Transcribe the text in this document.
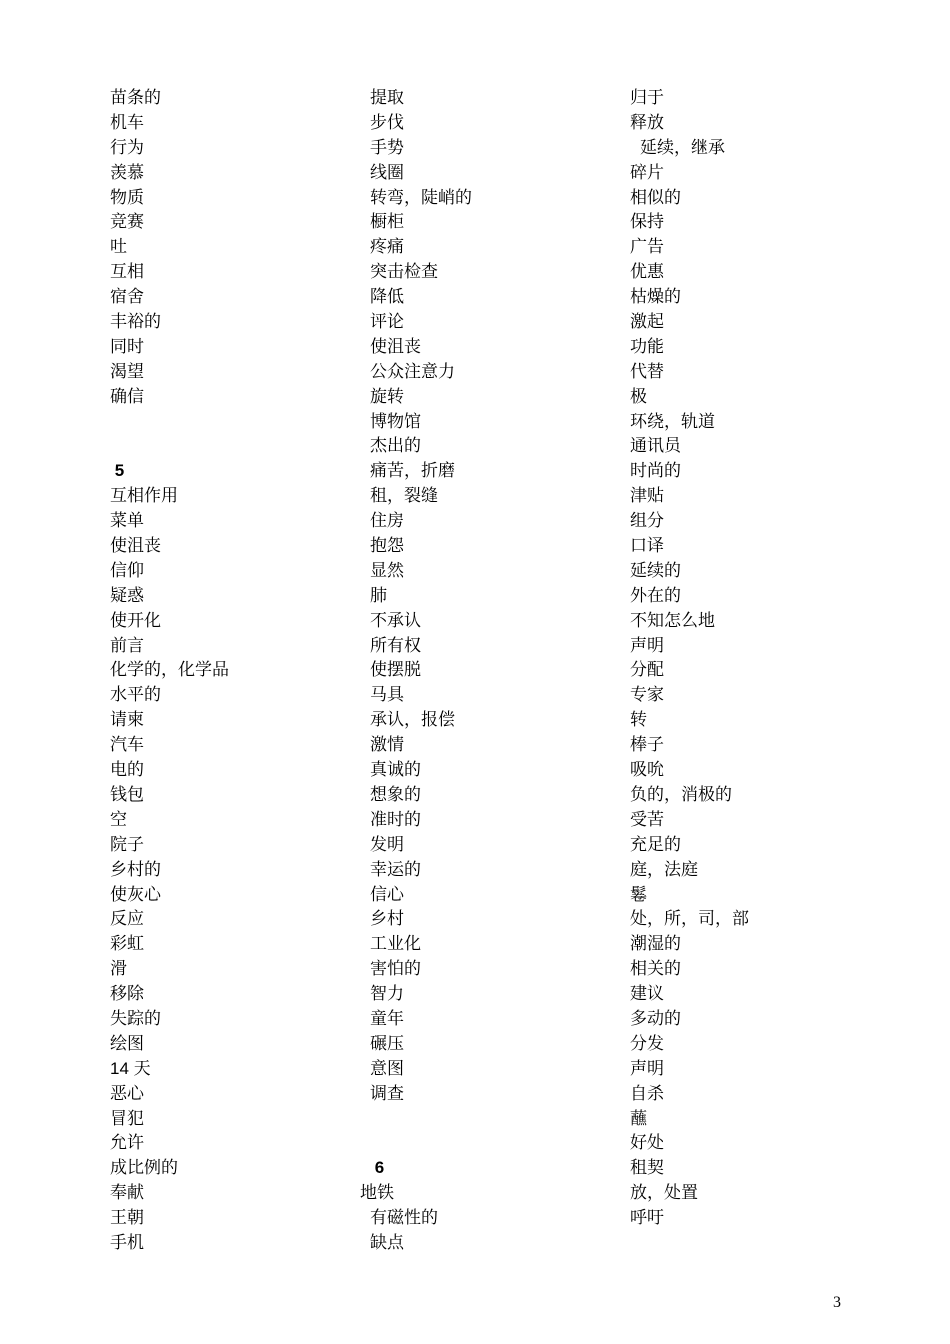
苗条的
机车
行为
羡慕
物质
竞赛
吐
互相
宿舍
丰裕的
同时
渴望
确信
5
互相作用
菜单
使沮丧
信仰
疑惑
使开化
前言
化学的，化学品
水平的
请柬
汽车
电的
钱包
空
院子
乡村的
使灰心
反应
彩虹
滑
移除
失踪的
绘图
14 天
恶心
冒犯
允许
成比例的
奉献
王朝
手机
提取
步伐
手势
线圈
转弯，陡峭的
橱柜
疼痛
突击检查
降低
评论
使沮丧
公众注意力
旋转
博物馆
杰出的
痛苦，折磨
租，裂缝
住房
抱怨
显然
肺
不承认
所有权
使摆脱
马具
承认，报偿
激情
真诚的
想象的
准时的
发明
幸运的
信心
乡村
工业化
害怕的
智力
童年
碾压
意图
调查
6
地铁
有磁性的
缺点
归于
释放
延续，继承
碎片
相似的
保持
广告
优惠
枯燥的
激起
功能
代替
极
环绕，轨道
通讯员
时尚的
津贴
组分
口译
延续的
外在的
不知怎么地
声明
分配
专家
转
棒子
吸吮
负的，消极的
受苦
充足的
庭，法庭
鬈
处，所，司，部
潮湿的
相关的
建议
多动的
分发
声明
自杀
蘸
好处
租契
放，处置
呼吁
3
